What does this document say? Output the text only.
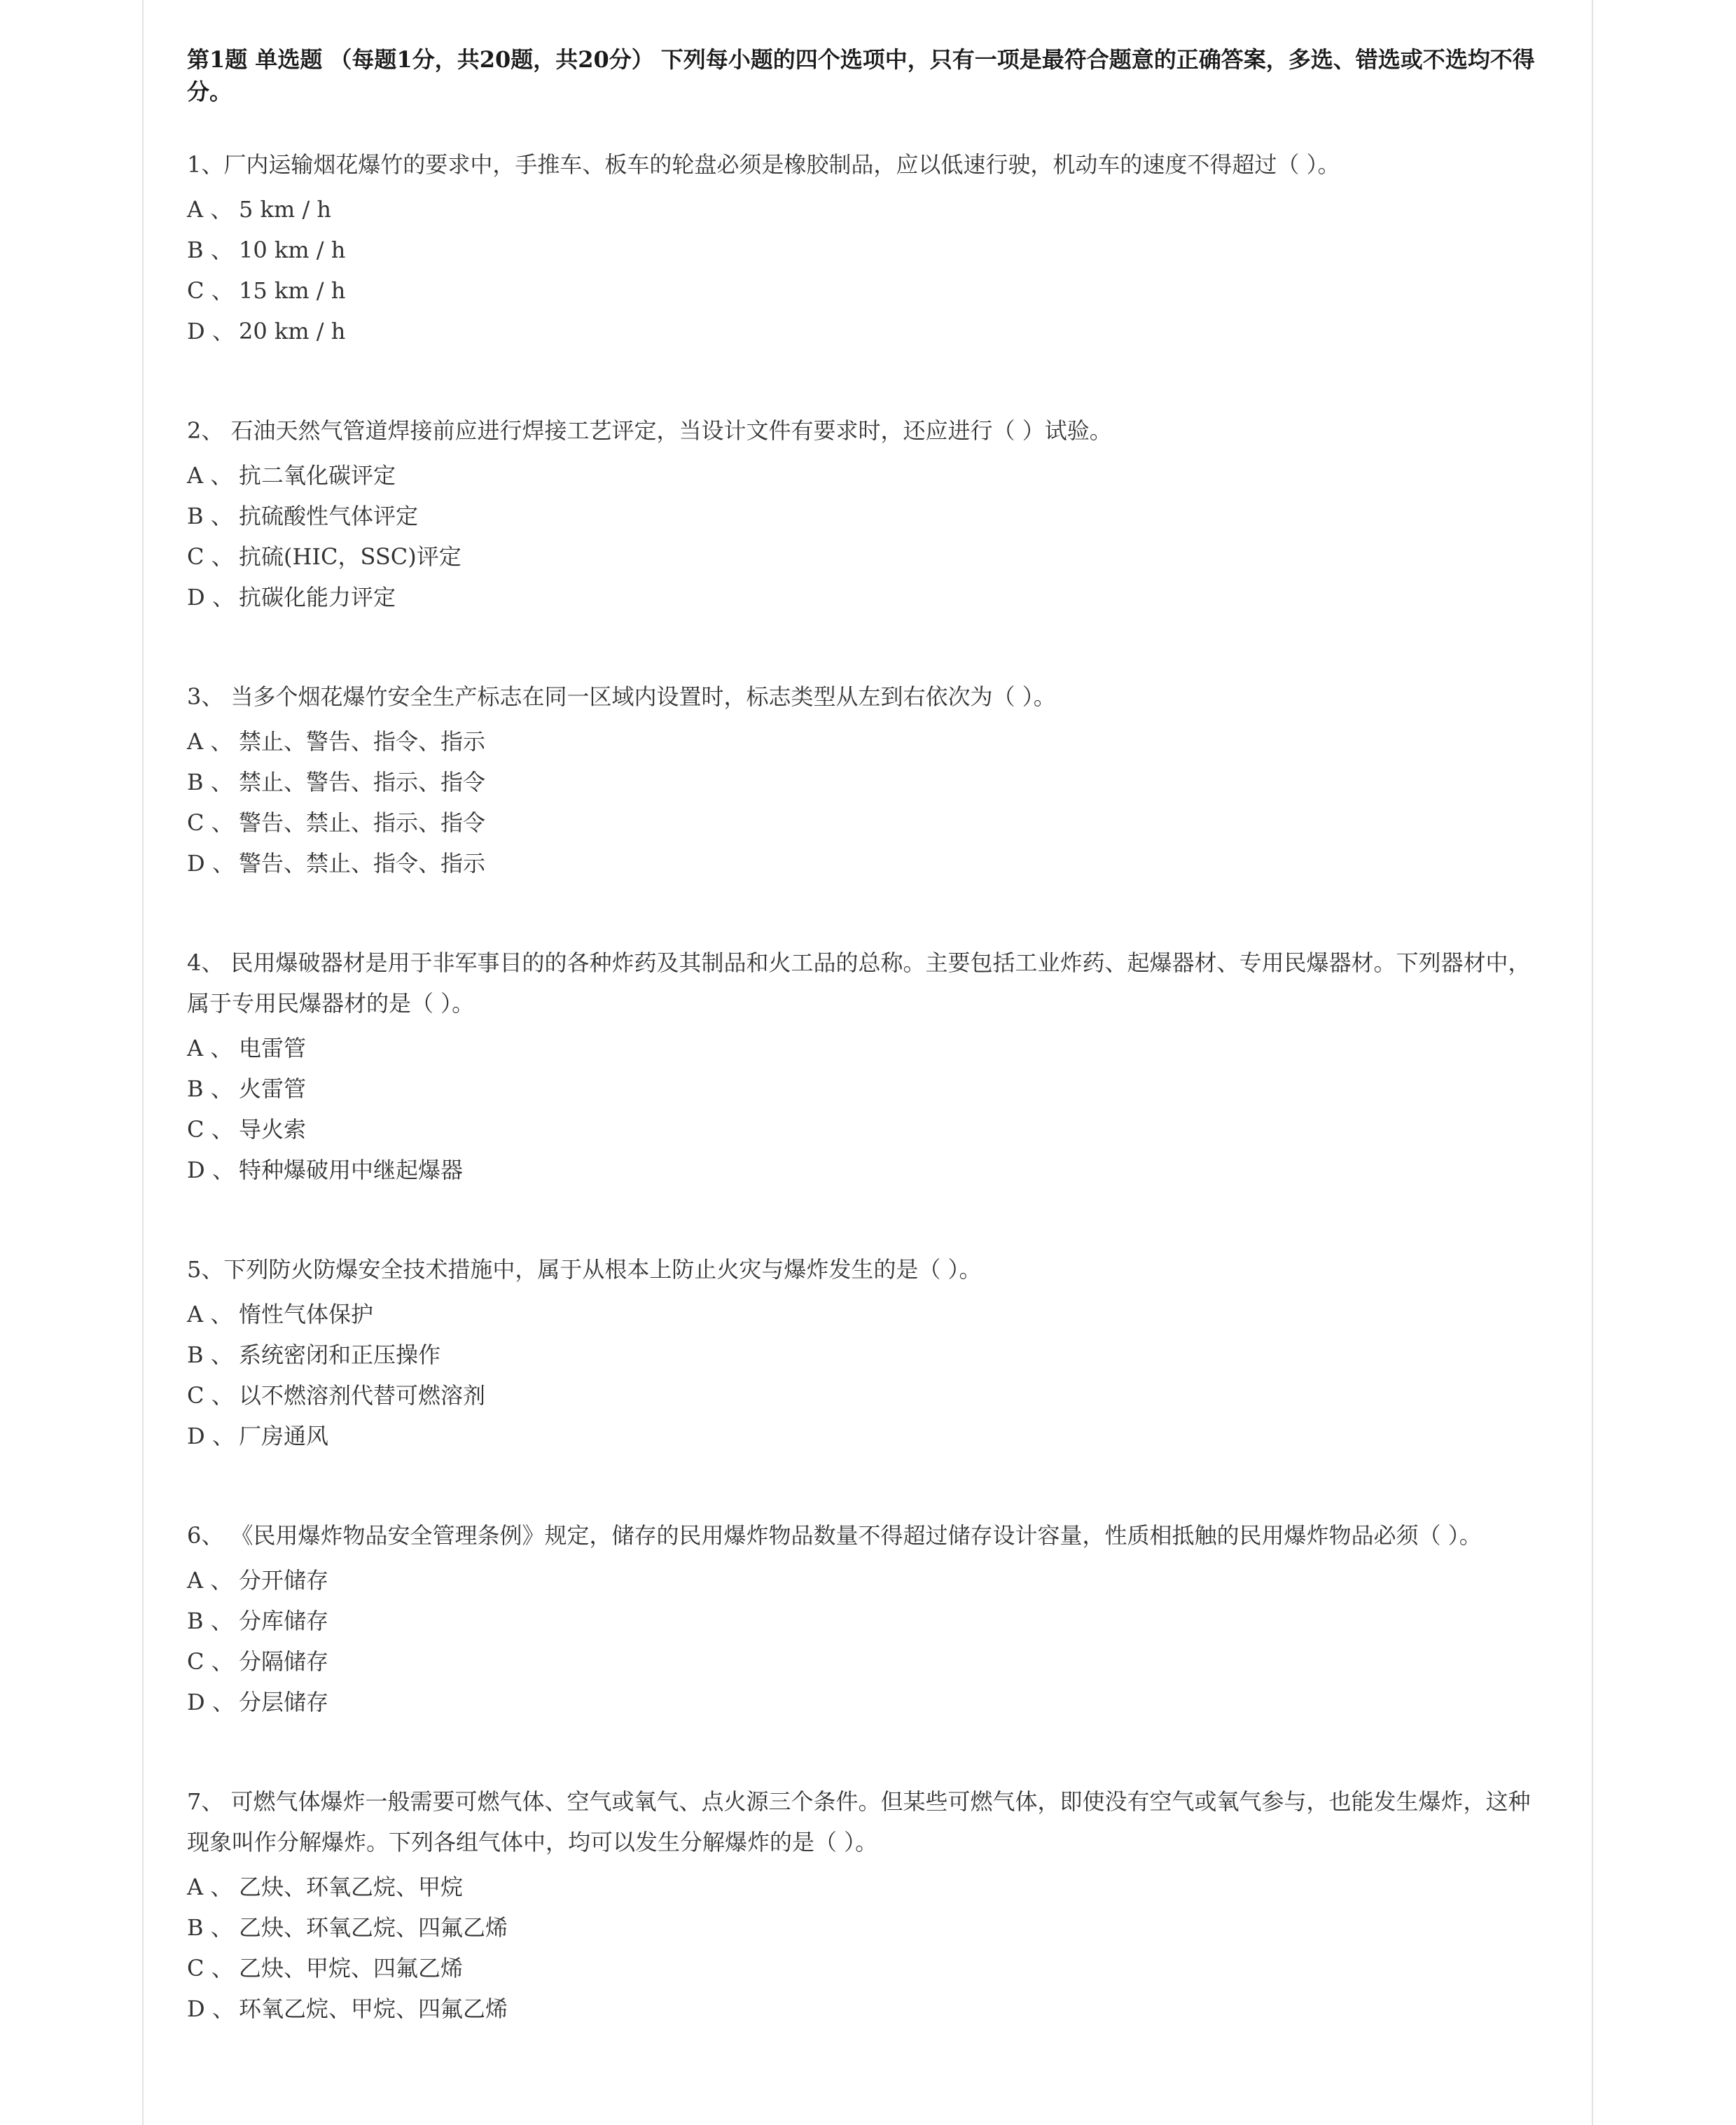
第1题 单选题 （每题1分，共20题，共20分） 下列每小题的四个选项中，只有一项是最符合题意的正确答案，多选、错选或不选均不得分。
1、厂内运输烟花爆竹的要求中，手推车、板车的轮盘必须是橡胶制品，应以低速行驶，机动车的速度不得超过（ ）。
A 、 5 km / h
B 、 10 km / h
C 、 15 km / h
D 、 20 km / h
2、 石油天然气管道焊接前应进行焊接工艺评定，当设计文件有要求时，还应进行（ ）试验。
A 、 抗二氧化碳评定
B 、 抗硫酸性气体评定
C 、 抗硫(HIC，SSC)评定
D 、 抗碳化能力评定
3、 当多个烟花爆竹安全生产标志在同一区域内设置时，标志类型从左到右依次为（ ）。
A 、 禁止、警告、指令、指示
B 、 禁止、警告、指示、指令
C 、 警告、禁止、指示、指令
D 、 警告、禁止、指令、指示
4、 民用爆破器材是用于非军事目的的各种炸药及其制品和火工品的总称。主要包括工业炸药、起爆器材、专用民爆器材。下列器材中，属于专用民爆器材的是（ ）。
A 、 电雷管
B 、 火雷管
C 、 导火索
D 、 特种爆破用中继起爆器
5、下列防火防爆安全技术措施中，属于从根本上防止火灾与爆炸发生的是（ ）。
A 、 惰性气体保护
B 、 系统密闭和正压操作
C 、 以不燃溶剂代替可燃溶剂
D 、 厂房通风
6、 《民用爆炸物品安全管理条例》规定，储存的民用爆炸物品数量不得超过储存设计容量，性质相抵触的民用爆炸物品必须（ ）。
A 、 分开储存
B 、 分库储存
C 、 分隔储存
D 、 分层储存
7、 可燃气体爆炸一般需要可燃气体、空气或氧气、点火源三个条件。但某些可燃气体，即使没有空气或氧气参与，也能发生爆炸，这种现象叫作分解爆炸。下列各组气体中，均可以发生分解爆炸的是（ ）。
A 、 乙炔、环氧乙烷、甲烷
B 、 乙炔、环氧乙烷、四氟乙烯
C 、 乙炔、甲烷、四氟乙烯
D 、 环氧乙烷、甲烷、四氟乙烯
